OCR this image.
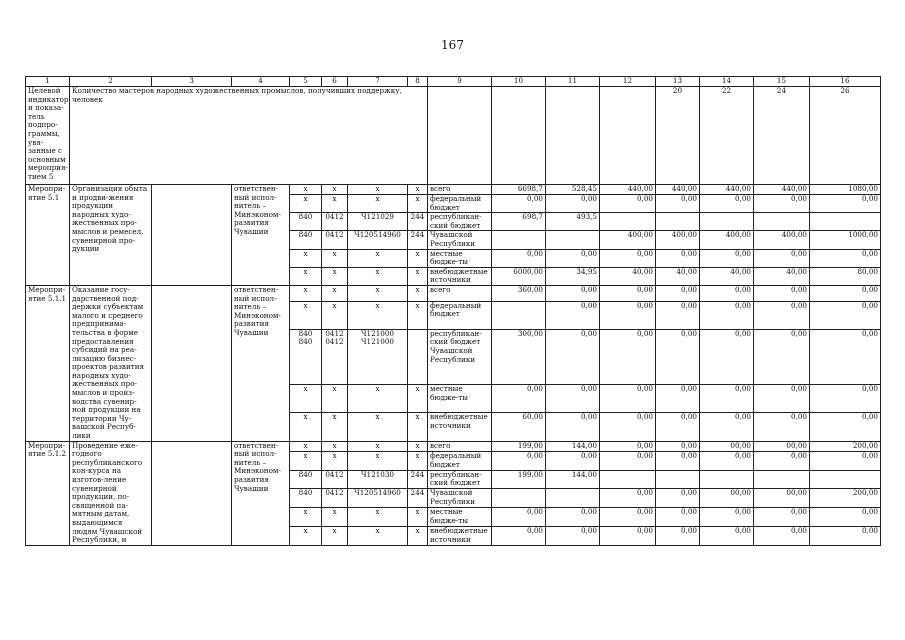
167
1	2	3	4	5	6	7	8	9	10	11	12	13	14	15	16
Целевой индикатор и показа-тель подпро-граммы, увя-занные с основным мероприя-тием 5	Количество мастеров народных художественных промыслов, получивших поддержку, человек											20	22	24	26
Меропри-ятие 5.1	Организация обыта и продви-жения продукции народных худо-жественных про-мыслов и ремесел, сувенирной про-дукции		ответствен-ный испол-нитель – Минэконом-развития Чувашии	x	x	x	x	всего	6698,7	528,45	440,00	440,00	440,00	440,00	1080,00
				x	x	x	x	федеральный бюджет	0,00	0,00	0,00	0,00	0,00	0,00	0,00
				840	0412	Ч121029	244	республикан-ский бюджет	698,7	493,5					
				840	0412	Ч120514960	244	Чувашской Республики			400,00	400,00	400,00	400,00	1000,00
				x	x	x	x	местные бюдже-ты	0,00	0,00	0,00	0,00	0,00	0,00	0,00
				x	x	x	x	внебюджетные источники	6000,00	34,95	40,00	40,00	40,00	40,00	80,00
Меропри-ятие 5.1.1	Оказание госу-дарственной под-держки субъектам малого и среднего предпринима-тельства в форме предоставления субсидий на реа-лизацию бизнес-проектов развития народных худо-жественных про-мыслов и произ-водства сувенир-ной продукции на территории Чу-вашской Респуб-лики		ответствен-ный испол-нитель – Минэконом-развития Чувашии	x	x	x	x	всего	360,00	0,00	0,00	0,00	0,00	0,00	0,00
				x	x	x	x	федеральный бюджет		0,00	0,00	0,00	0,00	0,00	0,00
				840 840	0412 0412	Ч121000 Ч121000		республикан-ский бюджет Чувашской Республики	300,00	0,00	0,00	0,00	0,00	0,00	0,00
				x	x	x	x	местные бюдже-ты	0,00	0,00	0,00	0,00	0,00	0,00	0,00
				x	x	x	x	внебюджетные источники	60,00	0,00	0,00	0,00	0,00	0,00	0,00
Меропри-ятие 5.1.2	Проведение еже-годного республиканского кон-курса на изготов-ление сувенирной продукции, по-священной па-мятным датам, выдающимся людям Чувашской Республики, и		ответствен-ный испол-нитель – Минэконом-развития Чувашии	x	x	x	x	всего	199,00	144,00	0,00	0,00	00,00	00,00	200,00
				x	x	x	x	федеральный бюджет	0,00	0,00	0,00	0,00	0,00	0,00	0,00
				840	0412	Ч121030	244	республикан-ский бюджет	199,00	144,00					
				840	0412	Ч120514960	244	Чувашской Республики			0,00	0,00	00,00	00,00	200,00
				x	x	x	x	местные бюдже-ты	0,00	0,00	0,00	0,00	0,00	0,00	0,00
				x	x	x	x	внебюджетные источники	0,00	0,00	0,00	0,00	0,00	0,00	0,00
